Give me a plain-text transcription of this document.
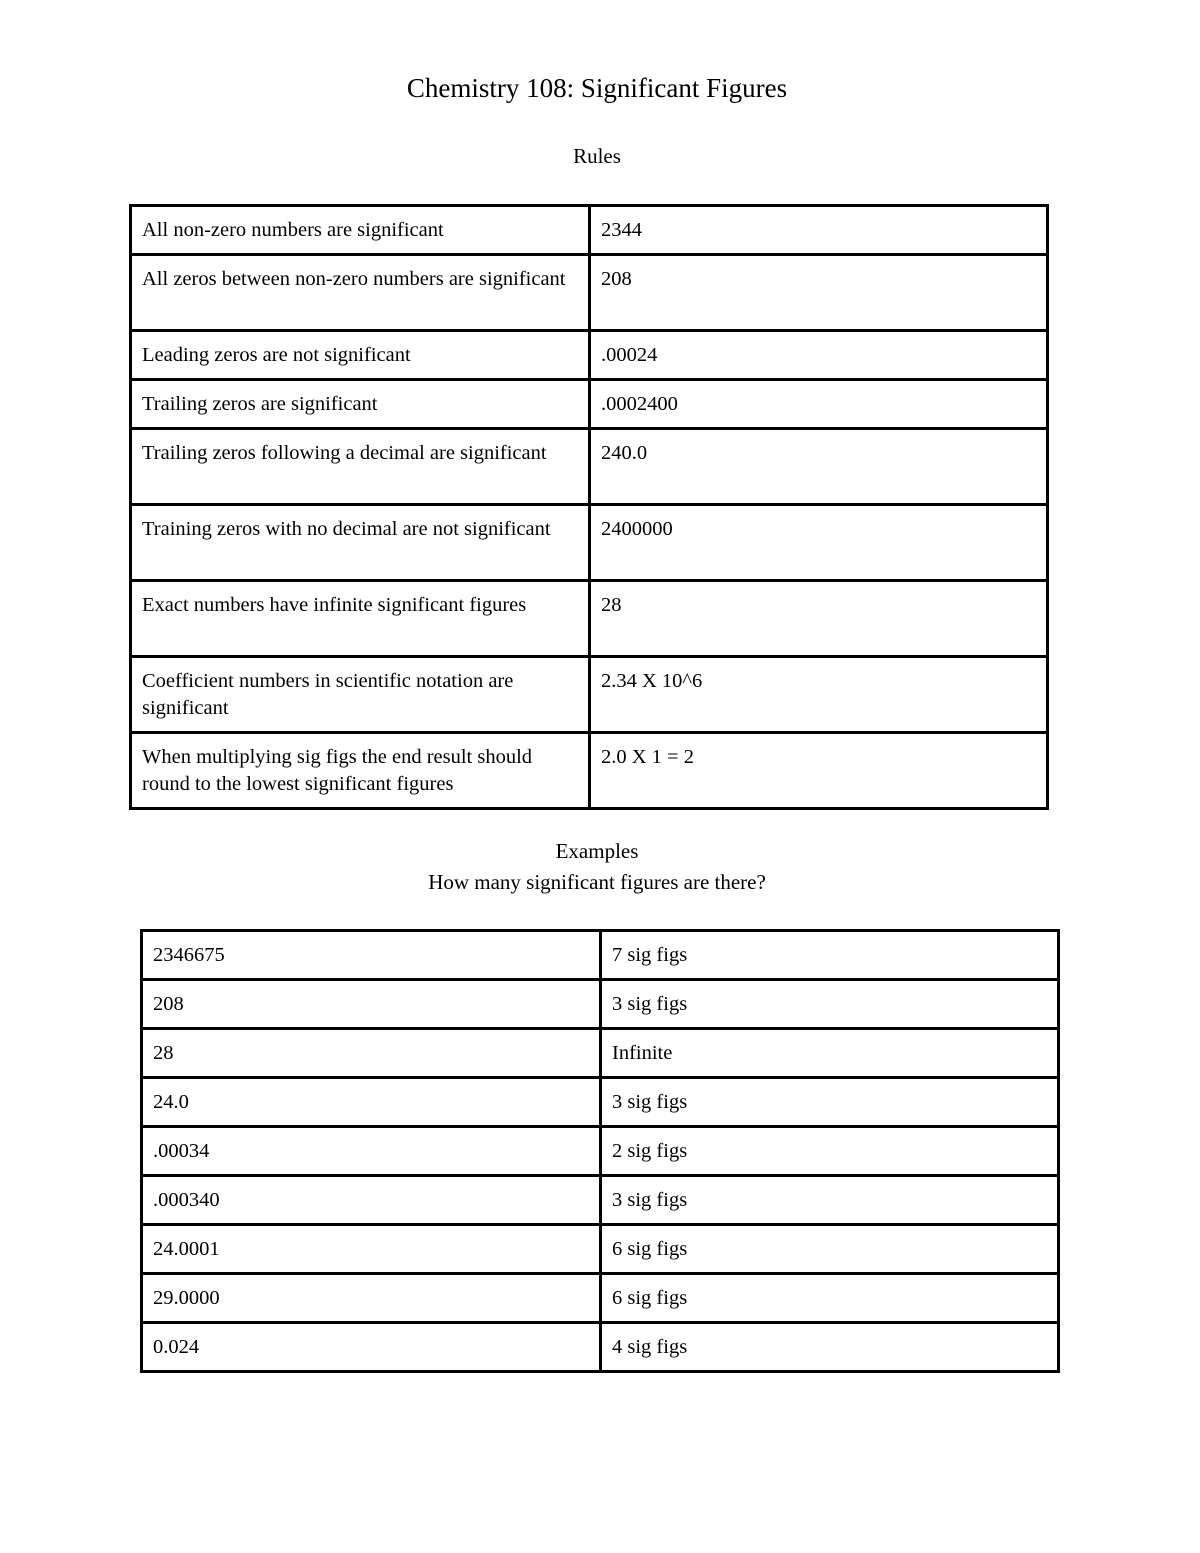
Chemistry 108: Significant Figures
Rules
All non-zero numbers are significant	2344
All zeros between non-zero numbers are significant	208
Leading zeros are not significant	.00024
Trailing zeros are significant	.0002400
Trailing zeros following a decimal are significant	240.0
Training zeros with no decimal are not significant	2400000
Exact numbers have infinite significant figures	28
Coefficient numbers in scientific notation are significant	2.34 X 10^6
When multiplying sig figs the end result should round to the lowest significant figures	2.0 X 1 = 2
Examples
How many significant figures are there?
2346675	7 sig figs
208	3 sig figs
28	Infinite
24.0	3 sig figs
.00034	2 sig figs
.000340	3 sig figs
24.0001	6 sig figs
29.0000	6 sig figs
0.024	4 sig figs
